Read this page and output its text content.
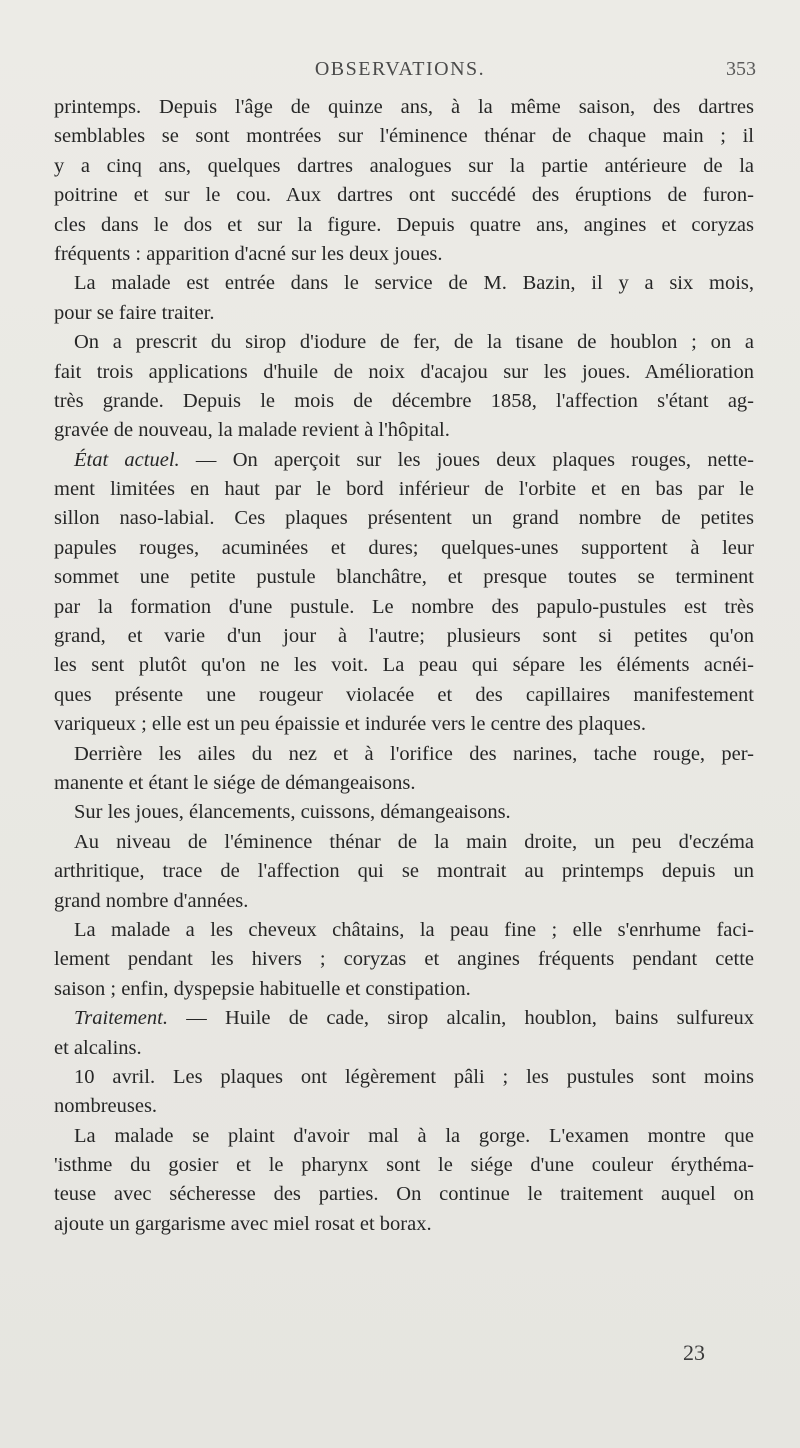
OBSERVATIONS.	353
printemps. Depuis l'âge de quinze ans, à la même saison, des dartres
semblables se sont montrées sur l'éminence thénar de chaque main ; il
y a cinq ans, quelques dartres analogues sur la partie antérieure de la
poitrine et sur le cou. Aux dartres ont succédé des éruptions de furon-
cles dans le dos et sur la figure. Depuis quatre ans, angines et coryzas
fréquents : apparition d'acné sur les deux joues.
La malade est entrée dans le service de M. Bazin, il y a six mois,
pour se faire traiter.
On a prescrit du sirop d'iodure de fer, de la tisane de houblon ; on a
fait trois applications d'huile de noix d'acajou sur les joues. Amélioration
très grande. Depuis le mois de décembre 1858, l'affection s'étant ag-
gravée de nouveau, la malade revient à l'hôpital.
État actuel. — On aperçoit sur les joues deux plaques rouges, nette-
ment limitées en haut par le bord inférieur de l'orbite et en bas par le
sillon naso-labial. Ces plaques présentent un grand nombre de petites
papules rouges, acuminées et dures; quelques-unes supportent à leur
sommet une petite pustule blanchâtre, et presque toutes se terminent
par la formation d'une pustule. Le nombre des papulo-pustules est très
grand, et varie d'un jour à l'autre; plusieurs sont si petites qu'on
les sent plutôt qu'on ne les voit. La peau qui sépare les éléments acnéi-
ques présente une rougeur violacée et des capillaires manifestement
variqueux ; elle est un peu épaissie et indurée vers le centre des plaques.
Derrière les ailes du nez et à l'orifice des narines, tache rouge, per-
manente et étant le siége de démangeaisons.
Sur les joues, élancements, cuissons, démangeaisons.
Au niveau de l'éminence thénar de la main droite, un peu d'eczéma
arthritique, trace de l'affection qui se montrait au printemps depuis un
grand nombre d'années.
La malade a les cheveux châtains, la peau fine ; elle s'enrhume faci-
lement pendant les hivers ; coryzas et angines fréquents pendant cette
saison ; enfin, dyspepsie habituelle et constipation.
Traitement. — Huile de cade, sirop alcalin, houblon, bains sulfureux
et alcalins.
10 avril. Les plaques ont légèrement pâli ; les pustules sont moins
nombreuses.
La malade se plaint d'avoir mal à la gorge. L'examen montre que
'isthme du gosier et le pharynx sont le siége d'une couleur érythéma-
teuse avec sécheresse des parties. On continue le traitement auquel on
ajoute un gargarisme avec miel rosat et borax.
23
